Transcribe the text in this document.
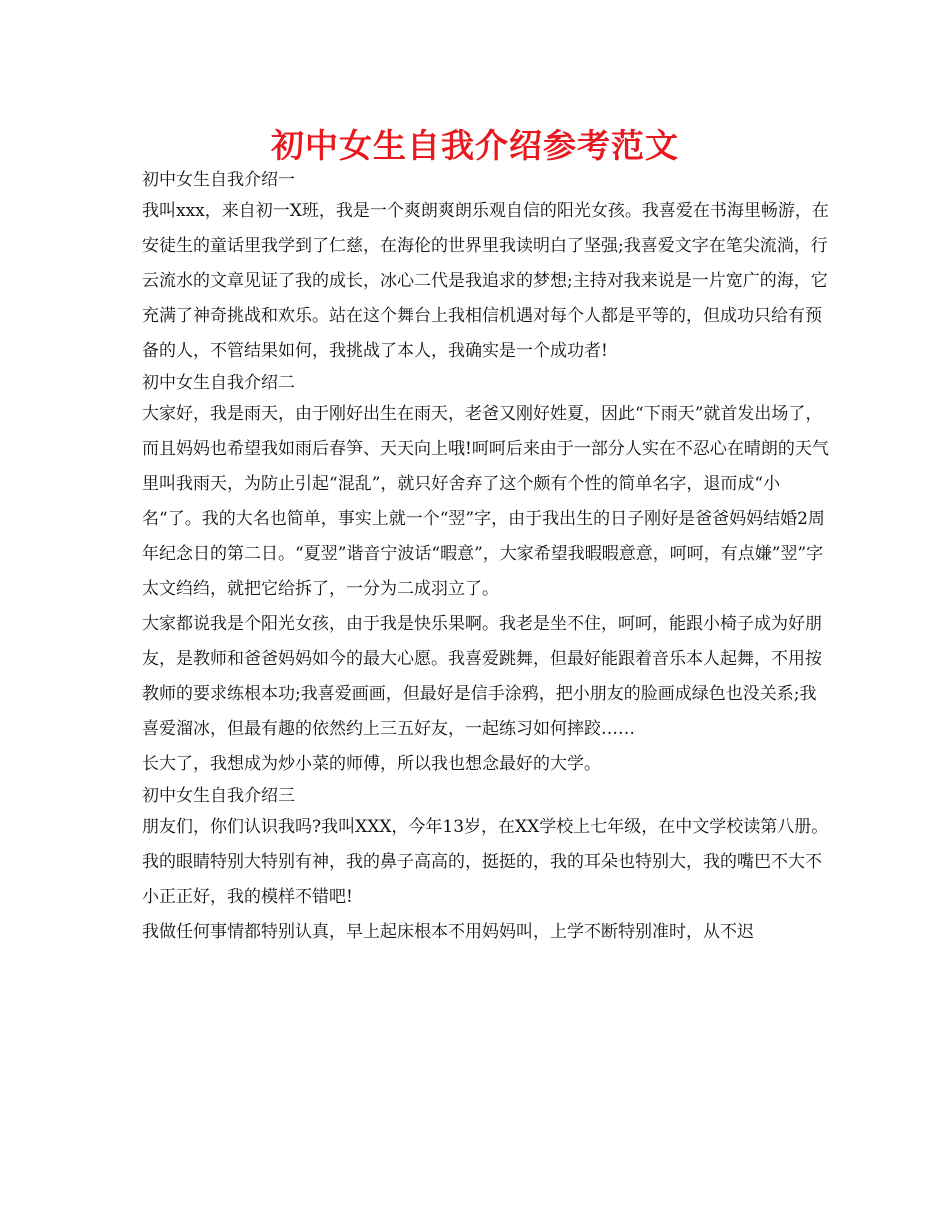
初中女生自我介绍参考范文
初中女生自我介绍一
我叫xxx，来自初一X班，我是一个爽朗爽朗乐观自信的阳光女孩。我喜爱在书海里畅游，在安徒生的童话里我学到了仁慈，在海伦的世界里我读明白了坚强;我喜爱文字在笔尖流淌，行云流水的文章见证了我的成长，冰心二代是我追求的梦想;主持对我来说是一片宽广的海，它充满了神奇挑战和欢乐。站在这个舞台上我相信机遇对每个人都是平等的，但成功只给有预备的人，不管结果如何，我挑战了本人，我确实是一个成功者!
初中女生自我介绍二
大家好，我是雨天，由于刚好出生在雨天，老爸又刚好姓夏，因此“下雨天”就首发出场了，而且妈妈也希望我如雨后春笋、天天向上哦!呵呵后来由于一部分人实在不忍心在晴朗的天气里叫我雨天，为防止引起“混乱”，就只好舍弃了这个颇有个性的简单名字，退而成“小名“了。我的大名也简单，事实上就一个“翌”字，由于我出生的日子刚好是爸爸妈妈结婚2周年纪念日的第二日。“夏翌”谐音宁波话“暇意”，大家希望我暇暇意意，呵呵，有点嫌”翌”字太文绉绉，就把它给拆了，一分为二成羽立了。
大家都说我是个阳光女孩，由于我是快乐果啊。我老是坐不住，呵呵，能跟小椅子成为好朋友，是教师和爸爸妈妈如今的最大心愿。我喜爱跳舞，但最好能跟着音乐本人起舞，不用按教师的要求练根本功;我喜爱画画，但最好是信手涂鸦，把小朋友的脸画成绿色也没关系;我喜爱溜冰，但最有趣的依然约上三五好友，一起练习如何摔跤……
长大了，我想成为炒小菜的师傅，所以我也想念最好的大学。
初中女生自我介绍三
朋友们，你们认识我吗?我叫XXX，今年13岁，在XX学校上七年级，在中文学校读第八册。我的眼睛特别大特别有神，我的鼻子高高的，挺挺的，我的耳朵也特别大，我的嘴巴不大不小正正好，我的模样不错吧!
我做任何事情都特别认真，早上起床根本不用妈妈叫，上学不断特别准时，从不迟
